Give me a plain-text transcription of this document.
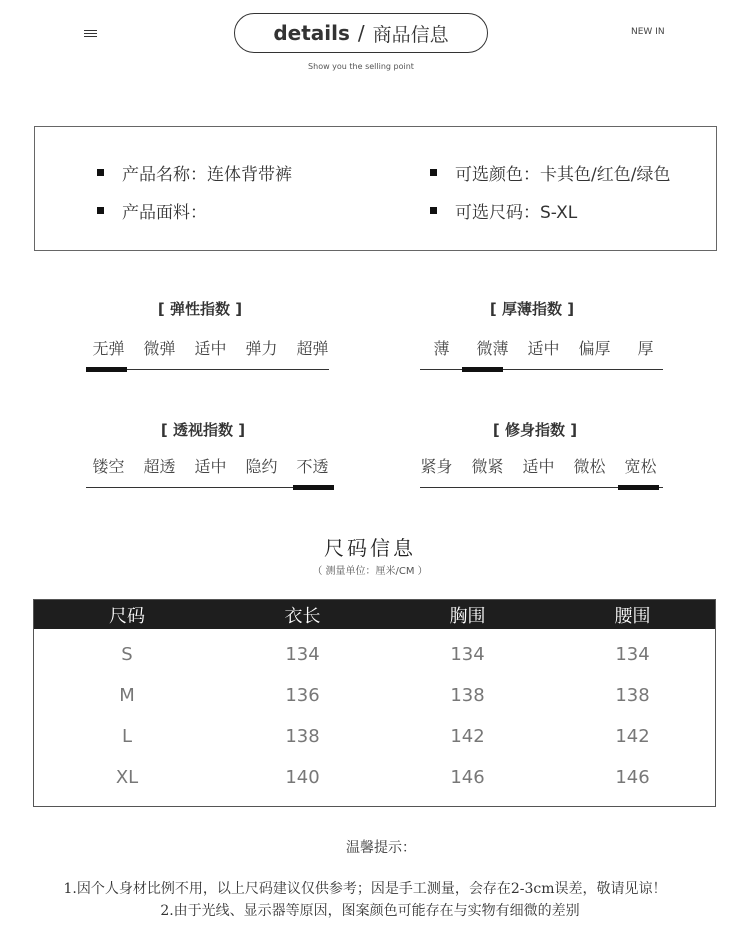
details / 商品信息	NEW IN
Show you the selling point
产品名称：连体背带裤
产品面料：
可选颜色：卡其色/红色/绿色
可选尺码：S-XL
[ 弹性指数 ]
无弹	微弹	适中	弹力	超弹
[ 厚薄指数 ]
薄	微薄	适中	偏厚	厚
[ 透视指数 ]
镂空	超透	适中	隐约	不透
[ 修身指数 ]
紧身	微紧	适中	微松	宽松
尺码信息
（ 测量单位：厘米/CM ）
尺码	衣长	胸围	腰围
S	134	134	134
M	136	138	138
L	138	142	142
XL	140	146	146
温馨提示：
1.因个人身材比例不用，以上尺码建议仅供参考；因是手工测量，会存在2-3cm误差，敬请见谅！
2.由于光线、显示器等原因，图案颜色可能存在与实物有细微的差别
